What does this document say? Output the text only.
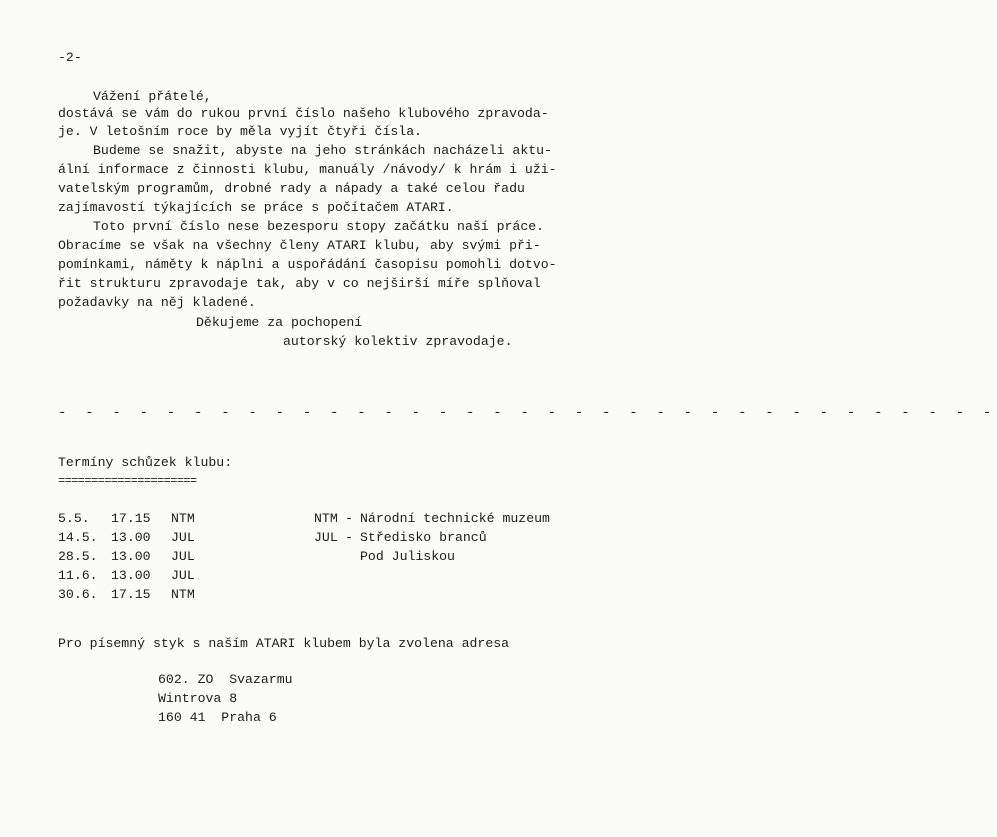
-2-
Vážení přátelé,
dostává se vám do rukou první číslo našeho klubového zpravoda-
je. V letošním roce by měla vyjít čtyři čísla.
Budeme se snažit, abyste na jeho stránkách nacházeli aktu-
ální informace z činnosti klubu, manuály /návody/ k hrám i uži-
vatelským programům, drobné rady a nápady a také celou řadu
zajímavostí týkajících se práce s počítačem ATARI.
Toto první číslo nese bezesporu stopy začátku naší práce.
Obracíme se však na všechny členy ATARI klubu, aby svými při-
pomínkami, náměty k náplni a uspořádání časopisu pomohli dotvo-
řit strukturu zpravodaje tak, aby v co nejširší míře splňoval
požadavky na něj kladené.
Děkujeme za pochopení
autorský kolektiv zpravodaje.
- - - - - - - - - - - - - - - - - - - - - - - - - - - - - - - - - - -
Termíny schůzek klubu:
=====================
5.5. 17.15 NTM
14.5. 13.00 JUL
28.5. 13.00 JUL
11.6. 13.00 JUL
30.6. 17.15 NTM
NTM - Národní technické muzeum
JUL - Středisko branců
Pod Juliskou
Pro písemný styk s naším ATARI klubem byla zvolena adresa
602. ZO  Svazarmu
Wintrova 8
160 41  Praha 6
